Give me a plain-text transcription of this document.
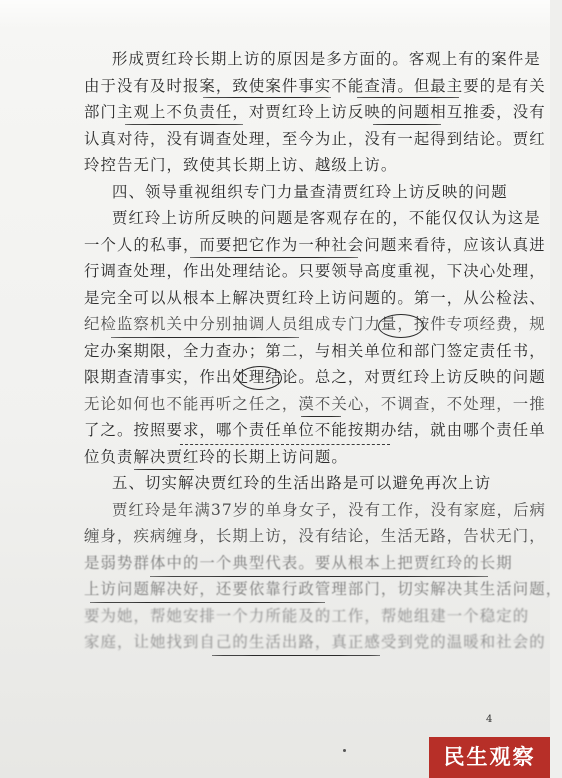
形成贾红玲长期上访的原因是多方面的。客观上有的案件是
由于没有及时报案，致使案件事实不能查清。但最主要的是有关
部门主观上不负责任，对贾红玲上访反映的问题相互推委，没有
认真对待，没有调查处理，至今为止，没有一起得到结论。贾红
玲控告无门，致使其长期上访、越级上访。
四、领导重视组织专门力量查清贾红玲上访反映的问题
贾红玲上访所反映的问题是客观存在的，不能仅仅认为这是
一个人的私事，而要把它作为一种社会问题来看待，应该认真进
行调查处理，作出处理结论。只要领导高度重视，下决心处理，
是完全可以从根本上解决贾红玲上访问题的。第一，从公检法、
纪检监察机关中分别抽调人员组成专门力量，按件专项经费，规
定办案期限，全力查办；第二，与相关单位和部门签定责任书，
限期查清事实，作出处理结论。总之，对贾红玲上访反映的问题
无论如何也不能再听之任之，漠不关心，不调查，不处理，一推
了之。按照要求，哪个责任单位不能按期办结，就由哪个责任单
位负责解决贾红玲的长期上访问题。
五、切实解决贾红玲的生活出路是可以避免再次上访
贾红玲是年满37岁的单身女子，没有工作，没有家庭，后病
缠身，疾病缠身，长期上访，没有结论，生活无路，告状无门，
是弱势群体中的一个典型代表。要从根本上把贾红玲的长期
上访问题解决好，还要依靠行政管理部门，切实解决其生活问题，
要为她，帮她安排一个力所能及的工作，帮她组建一个稳定的
家庭，让她找到自己的生活出路，真正感受到党的温暖和社会的
4
民生观察
